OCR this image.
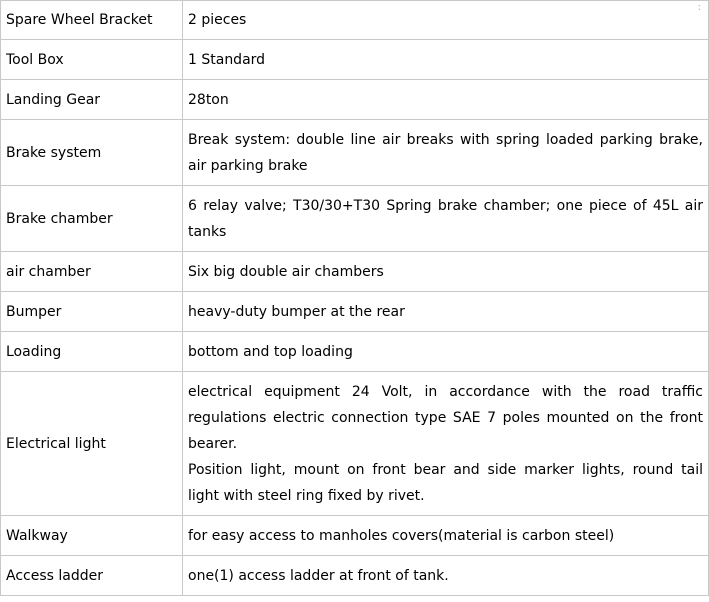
:
Spare Wheel Bracket	2 pieces

Tool Box	1 Standard

Landing Gear	28ton

Brake system	Break system: double line air breaks with spring loaded parking brake,
air parking brake

Brake chamber	6 relay valve; T30/30+T30 Spring brake chamber; one piece of 45L air
tanks

air chamber	Six big double air chambers

Bumper	heavy-duty bumper at the rear

Loading	bottom and top loading

Electrical light	electrical equipment 24 Volt, in accordance with the road traffic
regulations electric connection type SAE 7 poles mounted on the front
bearer.
Position light, mount on front bear and side marker lights, round tail
light with steel ring fixed by rivet.

Walkway	for easy access to manholes covers(material is carbon steel)

Access ladder	one(1) access ladder at front of tank.
